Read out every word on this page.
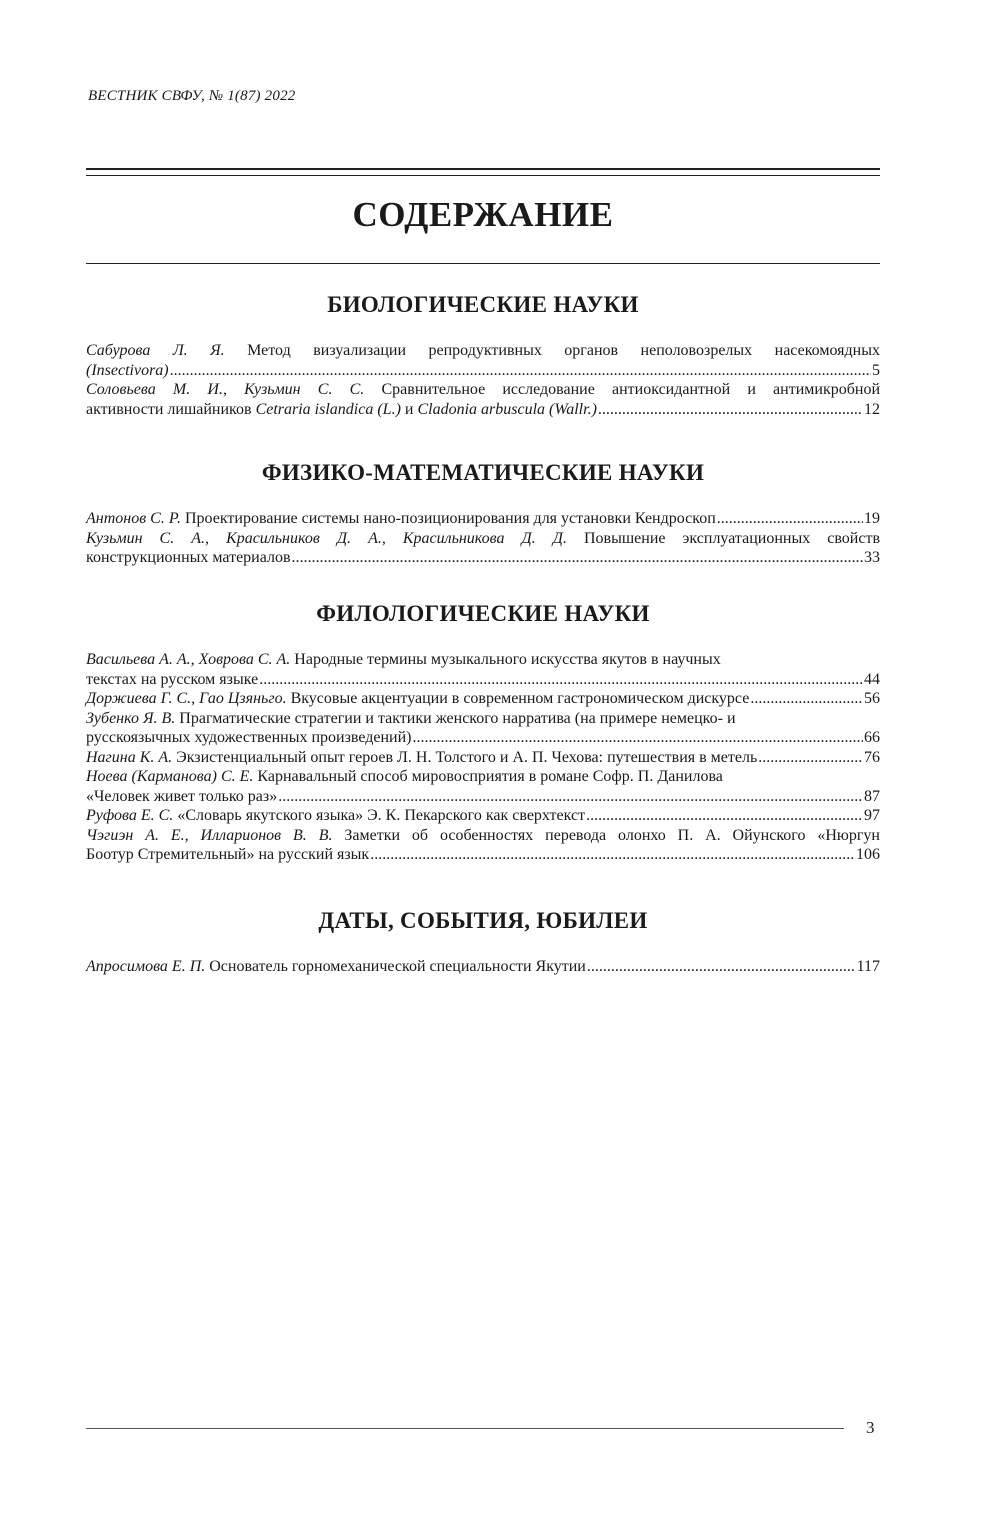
ВЕСТНИК СВФУ, № 1(87) 2022
СОДЕРЖАНИЕ
БИОЛОГИЧЕСКИЕ НАУКИ
Сабурова Л. Я. Метод визуализации репродуктивных органов неполовозрелых насекомоядных
(Insectivora) .....	5
Соловьева М. И., Кузьмин С. С. Сравнительное исследование антиоксидантной и антимикробной
активности лишайников Cetraria islandica (L.) и Cladonia arbuscula (Wallr.) .....	12
ФИЗИКО-МАТЕМАТИЧЕСКИЕ НАУКИ
Антонов С. Р. Проектирование системы нано-позиционирования для установки Кендроскоп .....	19
Кузьмин С. А., Красильников Д. А., Красильникова Д. Д. Повышение эксплуатационных свойств
конструкционных материалов .....	33
ФИЛОЛОГИЧЕСКИЕ НАУКИ
Васильева А. А., Ховрова С. А. Народные термины музыкального искусства якутов в научных
текстах на русском языке .....	44
Доржиева Г. С., Гао Цзяньго. Вкусовые акцентуации в современном гастрономическом дискурсе .....	56
Зубенко Я. В. Прагматические стратегии и тактики женского нарратива (на примере немецко- и
русскоязычных художественных произведений) .....	66
Нагина К. А. Экзистенциальный опыт героев Л. Н. Толстого и А. П. Чехова: путешествия в метель .....	76
Ноева (Карманова) С. Е. Карнавальный способ мировосприятия в романе Софр. П. Данилова
«Человек живет только раз» .....	87
Руфова Е. С. «Словарь якутского языка» Э. К. Пекарского как сверхтекст .....	97
Чэгиэн А. Е., Илларионов В. В. Заметки об особенностях перевода олонхо П. А. Ойунского «Нюргун
Боотур Стремительный» на русский язык .....	106
ДАТЫ, СОБЫТИЯ, ЮБИЛЕИ
Апросимова Е. П. Основатель горномеханической специальности Якутии .....	117
3
